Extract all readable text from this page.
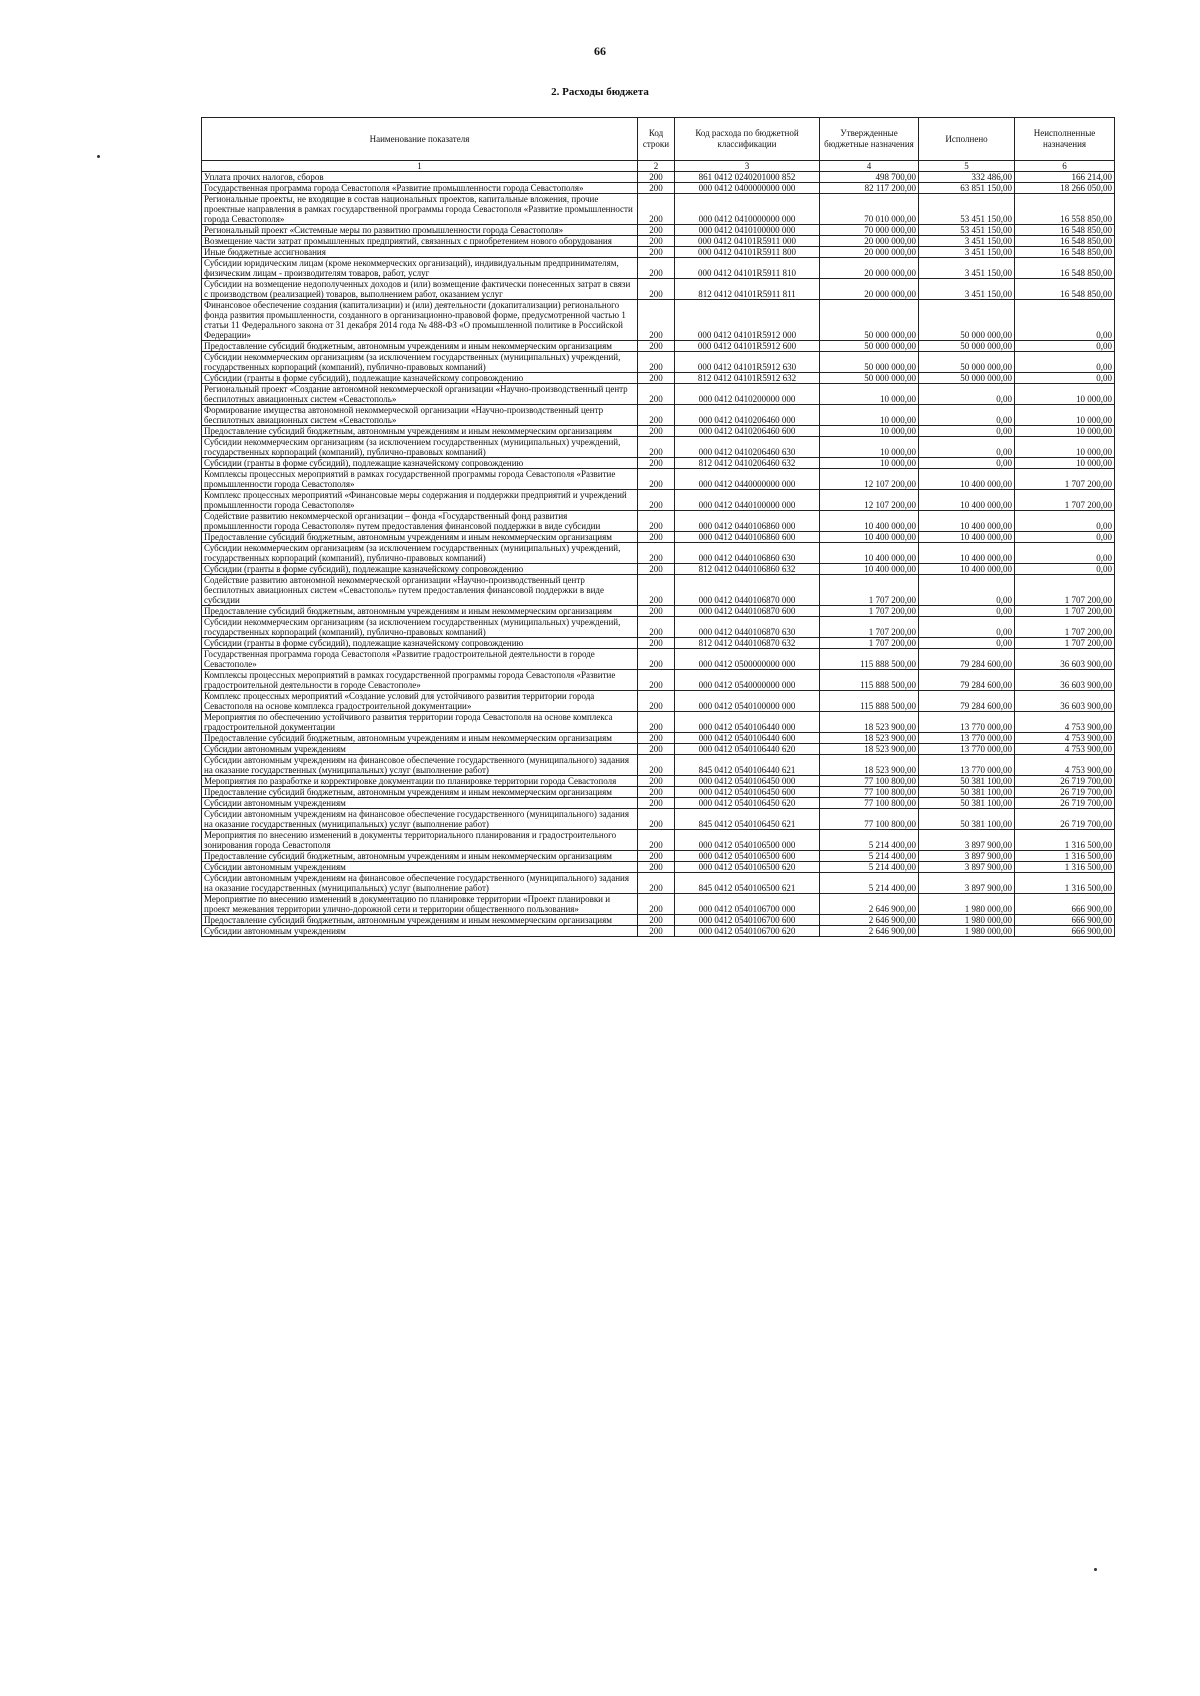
66
2. Расходы бюджета
Наименование показателя	Код строки	Код расхода по бюджетной классификации	Утвержденные бюджетные назначения	Исполнено	Неисполненные назначения
1	2	3	4	5	6
Уплата прочих налогов, сборов	200	861 0412 0240201000 852	498 700,00	332 486,00	166 214,00
Государственная программа города Севастополя «Развитие промышленности города Севастополя»	200	000 0412 0400000000 000	82 117 200,00	63 851 150,00	18 266 050,00
Региональные проекты, не входящие в состав национальных проектов, капитальные вложения, прочие проектные направления в рамках государственной программы города Севастополя «Развитие промышленности города Севастополя»	200	000 0412 0410000000 000	70 010 000,00	53 451 150,00	16 558 850,00
Региональный проект «Системные меры по развитию промышленности города Севастополя»	200	000 0412 0410100000 000	70 000 000,00	53 451 150,00	16 548 850,00
Возмещение части затрат промышленных предприятий, связанных с приобретением нового оборудования	200	000 0412 04101R5911 000	20 000 000,00	3 451 150,00	16 548 850,00
Иные бюджетные ассигнования	200	000 0412 04101R5911 800	20 000 000,00	3 451 150,00	16 548 850,00
Субсидии юридическим лицам (кроме некоммерческих организаций), индивидуальным предпринимателям, физическим лицам - производителям товаров, работ, услуг	200	000 0412 04101R5911 810	20 000 000,00	3 451 150,00	16 548 850,00
Субсидии на возмещение недополученных доходов и (или) возмещение фактически понесенных затрат в связи с производством (реализацией) товаров, выполнением работ, оказанием услуг	200	812 0412 04101R5911 811	20 000 000,00	3 451 150,00	16 548 850,00
Финансовое обеспечение создания (капитализации) и (или) деятельности (докапитализации) регионального фонда развития промышленности, созданного в организационно-правовой форме, предусмотренной частью 1 статьи 11 Федерального закона от 31 декабря 2014 года № 488-ФЗ «О промышленной политике в Российской Федерации»	200	000 0412 04101R5912 000	50 000 000,00	50 000 000,00	0,00
Предоставление субсидий бюджетным, автономным учреждениям и иным некоммерческим организациям	200	000 0412 04101R5912 600	50 000 000,00	50 000 000,00	0,00
Субсидии некоммерческим организациям (за исключением государственных (муниципальных) учреждений, государственных корпораций (компаний), публично-правовых компаний)	200	000 0412 04101R5912 630	50 000 000,00	50 000 000,00	0,00
Субсидии (гранты в форме субсидий), подлежащие казначейскому сопровождению	200	812 0412 04101R5912 632	50 000 000,00	50 000 000,00	0,00
Региональный проект «Создание автономной некоммерческой организации «Научно-производственный центр беспилотных авиационных систем «Севастополь»	200	000 0412 0410200000 000	10 000,00	0,00	10 000,00
Формирование имущества автономной некоммерческой организации «Научно-производственный центр беспилотных авиационных систем «Севастополь»	200	000 0412 0410206460 000	10 000,00	0,00	10 000,00
Предоставление субсидий бюджетным, автономным учреждениям и иным некоммерческим организациям	200	000 0412 0410206460 600	10 000,00	0,00	10 000,00
Субсидии некоммерческим организациям (за исключением государственных (муниципальных) учреждений, государственных корпораций (компаний), публично-правовых компаний)	200	000 0412 0410206460 630	10 000,00	0,00	10 000,00
Субсидии (гранты в форме субсидий), подлежащие казначейскому сопровождению	200	812 0412 0410206460 632	10 000,00	0,00	10 000,00
Комплексы процессных мероприятий в рамках государственной программы города Севастополя «Развитие промышленности города Севастополя»	200	000 0412 0440000000 000	12 107 200,00	10 400 000,00	1 707 200,00
Комплекс процессных мероприятий «Финансовые меры содержания и поддержки предприятий и учреждений промышленности города Севастополя»	200	000 0412 0440100000 000	12 107 200,00	10 400 000,00	1 707 200,00
Содействие развитию некоммерческой организации – фонда «Государственный фонд развития промышленности города Севастополя» путем предоставления финансовой поддержки в виде субсидии	200	000 0412 0440106860 000	10 400 000,00	10 400 000,00	0,00
Предоставление субсидий бюджетным, автономным учреждениям и иным некоммерческим организациям	200	000 0412 0440106860 600	10 400 000,00	10 400 000,00	0,00
Субсидии некоммерческим организациям (за исключением государственных (муниципальных) учреждений, государственных корпораций (компаний), публично-правовых компаний)	200	000 0412 0440106860 630	10 400 000,00	10 400 000,00	0,00
Субсидии (гранты в форме субсидий), подлежащие казначейскому сопровождению	200	812 0412 0440106860 632	10 400 000,00	10 400 000,00	0,00
Содействие развитию автономной некоммерческой организации «Научно-производственный центр беспилотных авиационных систем «Севастополь» путем предоставления финансовой поддержки в виде субсидии	200	000 0412 0440106870 000	1 707 200,00	0,00	1 707 200,00
Предоставление субсидий бюджетным, автономным учреждениям и иным некоммерческим организациям	200	000 0412 0440106870 600	1 707 200,00	0,00	1 707 200,00
Субсидии некоммерческим организациям (за исключением государственных (муниципальных) учреждений, государственных корпораций (компаний), публично-правовых компаний)	200	000 0412 0440106870 630	1 707 200,00	0,00	1 707 200,00
Субсидии (гранты в форме субсидий), подлежащие казначейскому сопровождению	200	812 0412 0440106870 632	1 707 200,00	0,00	1 707 200,00
Государственная программа города Севастополя «Развитие градостроительной деятельности в городе Севастополе»	200	000 0412 0500000000 000	115 888 500,00	79 284 600,00	36 603 900,00
Комплексы процессных мероприятий в рамках государственной программы города Севастополя «Развитие градостроительной деятельности в городе Севастополе»	200	000 0412 0540000000 000	115 888 500,00	79 284 600,00	36 603 900,00
Комплекс процессных мероприятий «Создание условий для устойчивого развития территории города Севастополя на основе комплекса градостроительной документации»	200	000 0412 0540100000 000	115 888 500,00	79 284 600,00	36 603 900,00
Мероприятия по обеспечению устойчивого развития территории города Севастополя на основе комплекса градостроительной документации	200	000 0412 0540106440 000	18 523 900,00	13 770 000,00	4 753 900,00
Предоставление субсидий бюджетным, автономным учреждениям и иным некоммерческим организациям	200	000 0412 0540106440 600	18 523 900,00	13 770 000,00	4 753 900,00
Субсидии автономным учреждениям	200	000 0412 0540106440 620	18 523 900,00	13 770 000,00	4 753 900,00
Субсидии автономным учреждениям на финансовое обеспечение государственного (муниципального) задания на оказание государственных (муниципальных) услуг (выполнение работ)	200	845 0412 0540106440 621	18 523 900,00	13 770 000,00	4 753 900,00
Мероприятия по разработке и корректировке документации по планировке территории города Севастополя	200	000 0412 0540106450 000	77 100 800,00	50 381 100,00	26 719 700,00
Предоставление субсидий бюджетным, автономным учреждениям и иным некоммерческим организациям	200	000 0412 0540106450 600	77 100 800,00	50 381 100,00	26 719 700,00
Субсидии автономным учреждениям	200	000 0412 0540106450 620	77 100 800,00	50 381 100,00	26 719 700,00
Субсидии автономным учреждениям на финансовое обеспечение государственного (муниципального) задания на оказание государственных (муниципальных) услуг (выполнение работ)	200	845 0412 0540106450 621	77 100 800,00	50 381 100,00	26 719 700,00
Мероприятия по внесению изменений в документы территориального планирования и градостроительного зонирования города Севастополя	200	000 0412 0540106500 000	5 214 400,00	3 897 900,00	1 316 500,00
Предоставление субсидий бюджетным, автономным учреждениям и иным некоммерческим организациям	200	000 0412 0540106500 600	5 214 400,00	3 897 900,00	1 316 500,00
Субсидии автономным учреждениям	200	000 0412 0540106500 620	5 214 400,00	3 897 900,00	1 316 500,00
Субсидии автономным учреждениям на финансовое обеспечение государственного (муниципального) задания на оказание государственных (муниципальных) услуг (выполнение работ)	200	845 0412 0540106500 621	5 214 400,00	3 897 900,00	1 316 500,00
Мероприятие по внесению изменений в документацию по планировке территории «Проект планировки и проект межевания территории улично-дорожной сети и территории общественного пользования»	200	000 0412 0540106700 000	2 646 900,00	1 980 000,00	666 900,00
Предоставление субсидий бюджетным, автономным учреждениям и иным некоммерческим организациям	200	000 0412 0540106700 600	2 646 900,00	1 980 000,00	666 900,00
Субсидии автономным учреждениям	200	000 0412 0540106700 620	2 646 900,00	1 980 000,00	666 900,00
